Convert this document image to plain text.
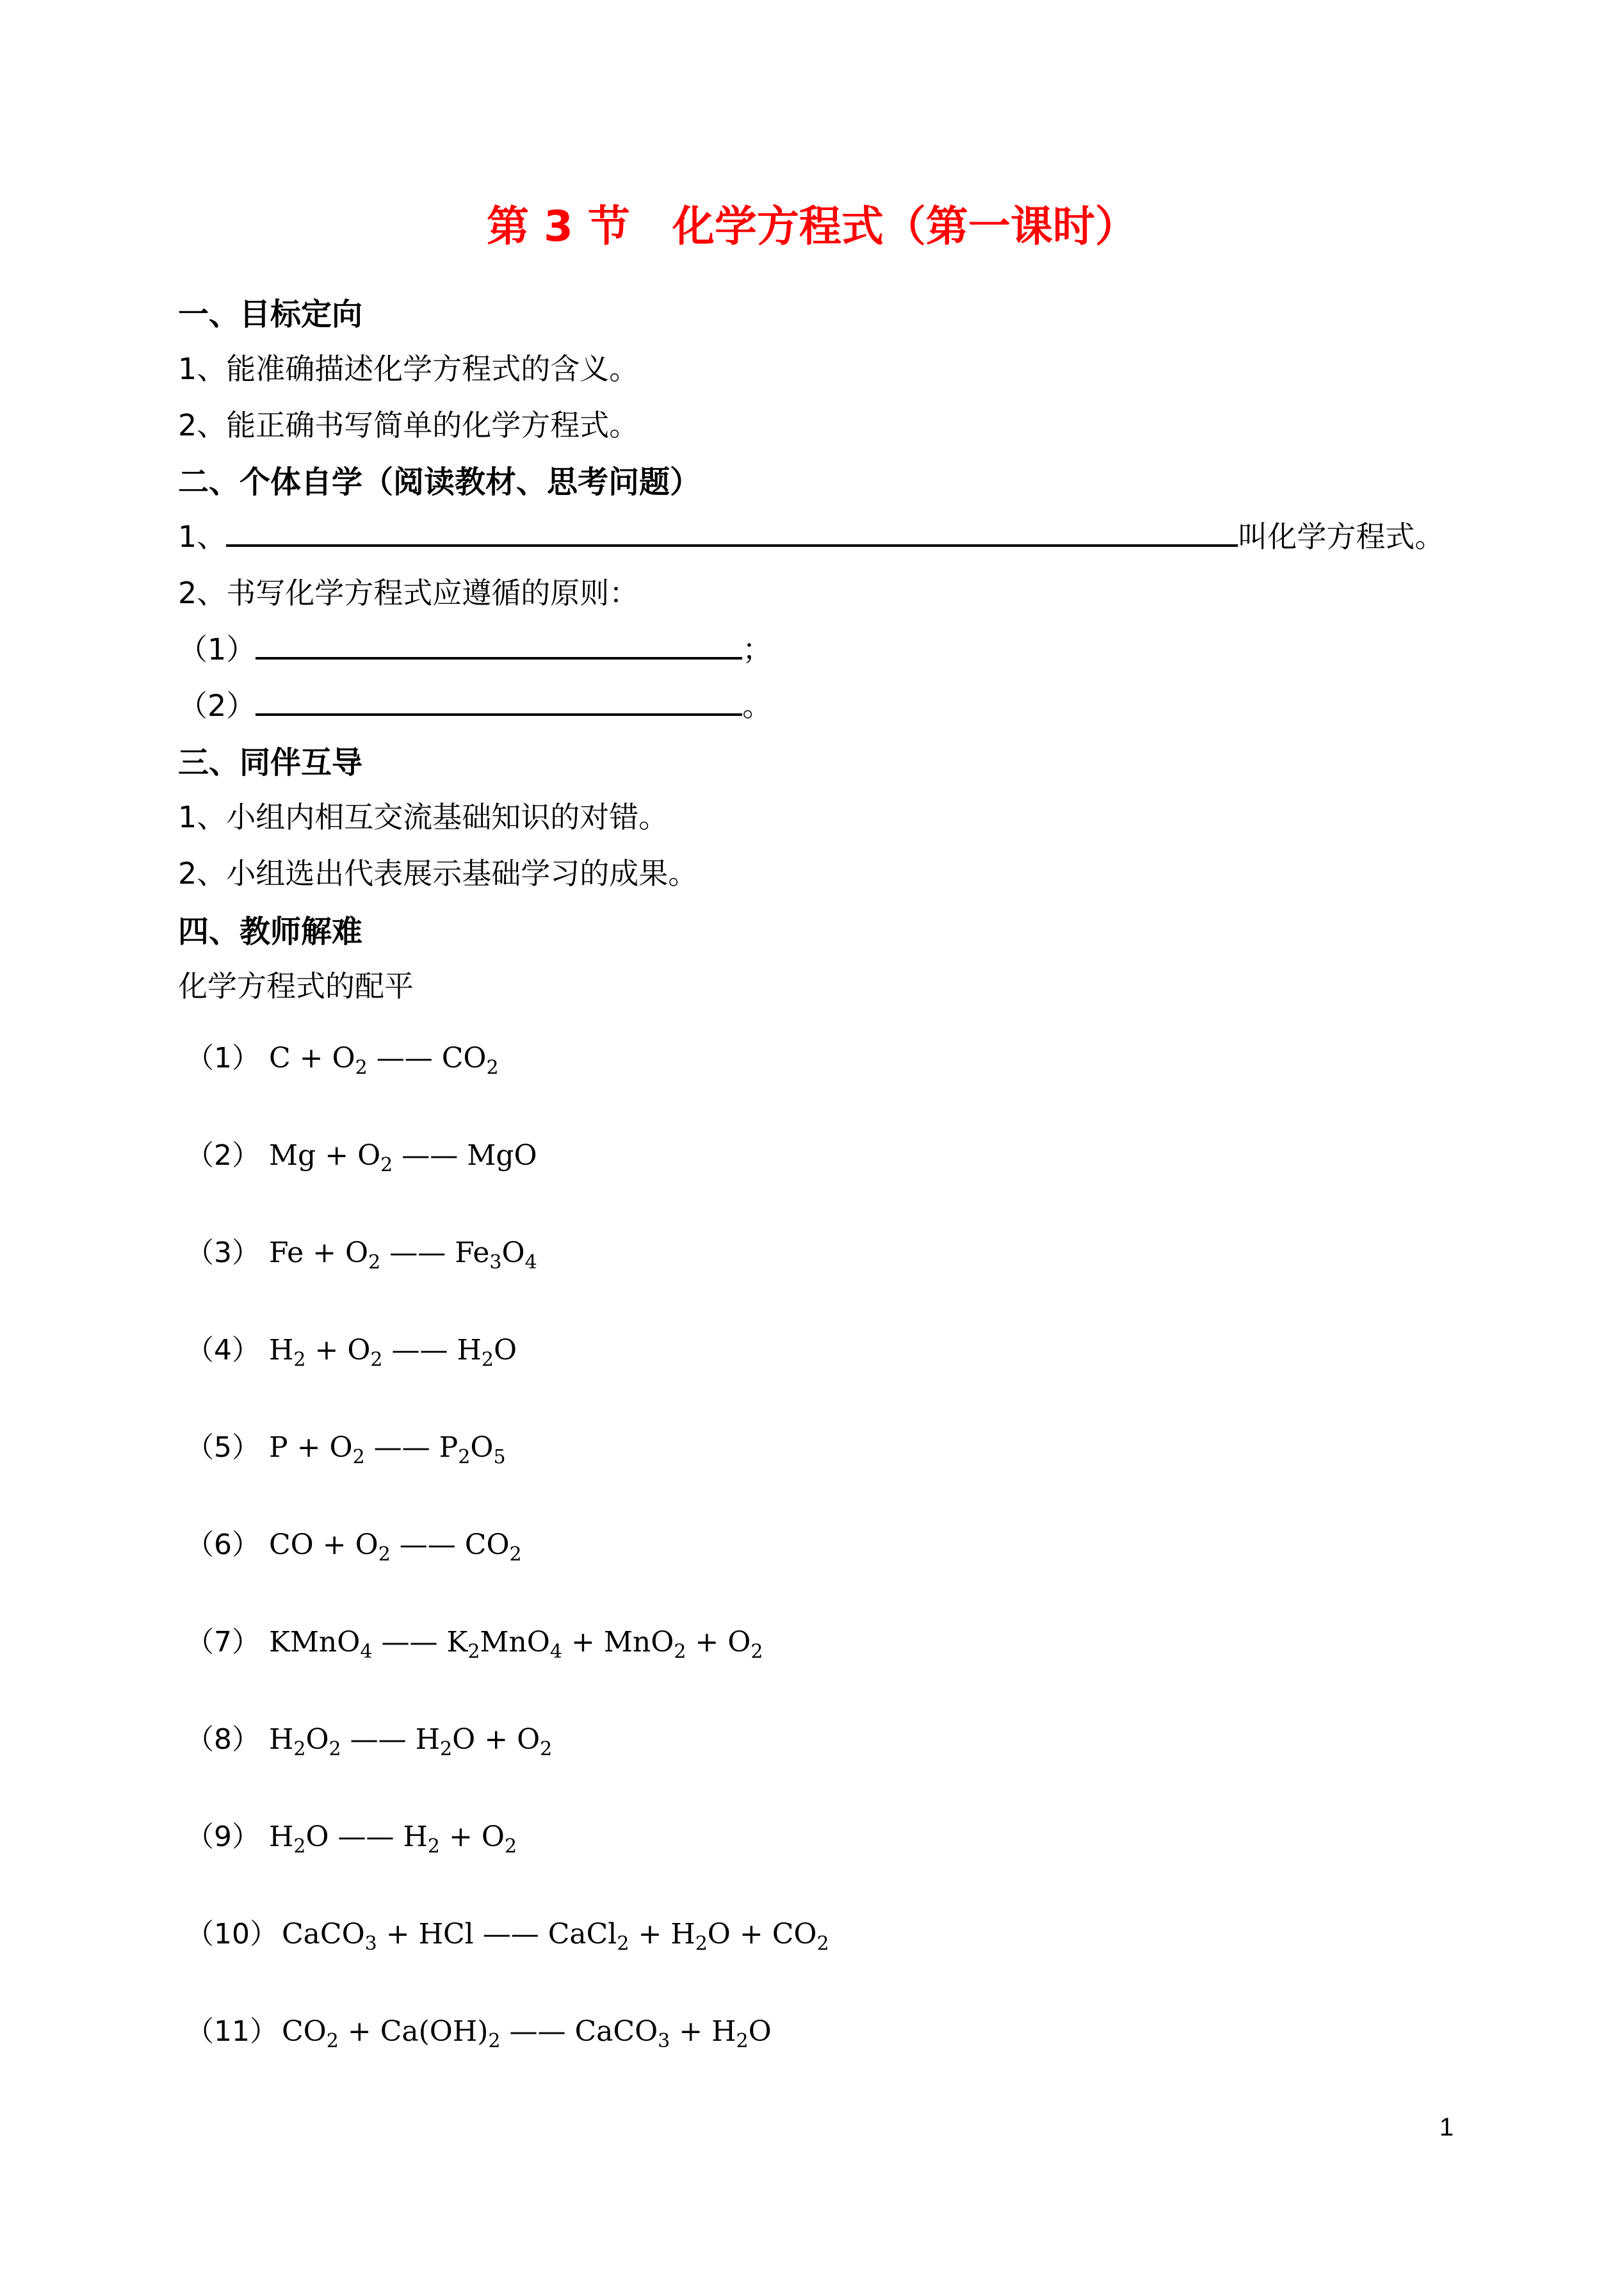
第 3 节　化学方程式（第一课时）
一、目标定向
1、能准确描述化学方程式的含义。
2、能正确书写简单的化学方程式。
二、个体自学（阅读教材、思考问题）
1、	叫化学方程式。
2、书写化学方程式应遵循的原则：
（1）	；
（2）	。
三、同伴互导
1、小组内相互交流基础知识的对错。
2、小组选出代表展示基础学习的成果。
四、教师解难
化学方程式的配平
（1） $C + O_2$ —— $CO_2$
（2） $Mg + O_2$ —— MgO
（3） $Fe + O_2$ —— $Fe_3O_4$
（4） $H_2 + O_2$ —— $H_2O$
（5） $P + O_2$ —— $P_2O_5$
（6） CO + $O_2$ —— $CO_2$
（7） KMnO$_4$ —— $K_2MnO_4 + MnO_2 + O_2$
（8） $H_2O_2$ —— $H_2O + O_2$
（9） $H_2O$ —— $H_2 + O_2$
（10） CaCO$_3$ + HCl —— CaCl$_2$ + $H_2O + CO_2$
（11） $CO_2 + Ca(OH)_2$ —— CaCO$_3$ + $H_2O$
1
